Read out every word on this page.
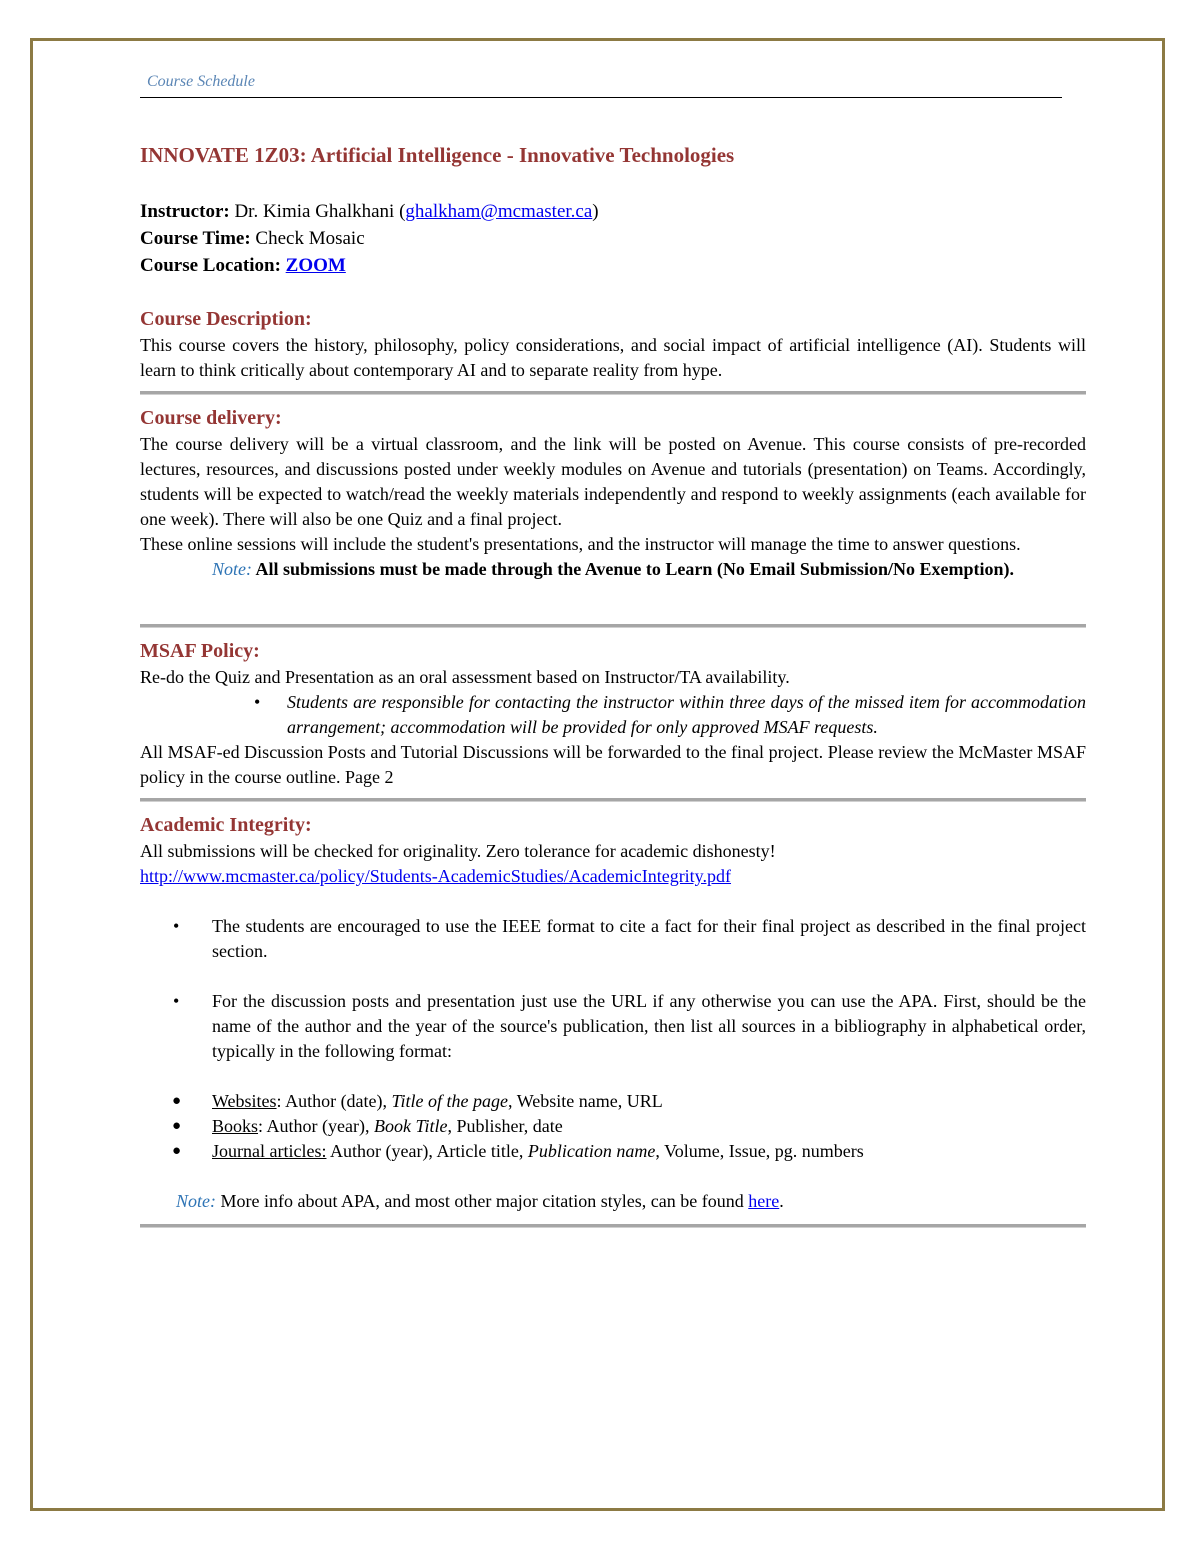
Course Schedule

INNOVATE 1Z03: Artificial Intelligence - Innovative Technologies

Instructor: Dr. Kimia Ghalkhani (ghalkham@mcmaster.ca)
Course Time: Check Mosaic
Course Location: ZOOM

Course Description:

This course covers the history, philosophy, policy considerations, and social impact of artificial intelligence (AI). Students will learn to think critically about contemporary AI and to separate reality from hype.

Course delivery:

The course delivery will be a virtual classroom, and the link will be posted on Avenue. This course consists of pre-recorded lectures, resources, and discussions posted under weekly modules on Avenue and tutorials (presentation) on Teams. Accordingly, students will be expected to watch/read the weekly materials independently and respond to weekly assignments (each available for one week). There will also be one Quiz and a final project.

These online sessions will include the student's presentations, and the instructor will manage the time to answer questions.

Note: All submissions must be made through the Avenue to Learn (No Email Submission/No Exemption).

MSAF Policy:

Re-do the Quiz and Presentation as an oral assessment based on Instructor/TA availability.

• Students are responsible for contacting the instructor within three days of the missed item for accommodation arrangement; accommodation will be provided for only approved MSAF requests.

All MSAF-ed Discussion Posts and Tutorial Discussions will be forwarded to the final project. Please review the McMaster MSAF policy in the course outline. Page 2

Academic Integrity:

All submissions will be checked for originality. Zero tolerance for academic dishonesty!

http://www.mcmaster.ca/policy/Students-AcademicStudies/AcademicIntegrity.pdf

• The students are encouraged to use the IEEE format to cite a fact for their final project as described in the final project section.
• For the discussion posts and presentation just use the URL if any otherwise you can use the APA. First, should be the name of the author and the year of the source's publication, then list all sources in a bibliography in alphabetical order, typically in the following format:
● Websites: Author (date), Title of the page, Website name, URL
● Books: Author (year), Book Title, Publisher, date
● Journal articles: Author (year), Article title, Publication name, Volume, Issue, pg. numbers

Note: More info about APA, and most other major citation styles, can be found here.
